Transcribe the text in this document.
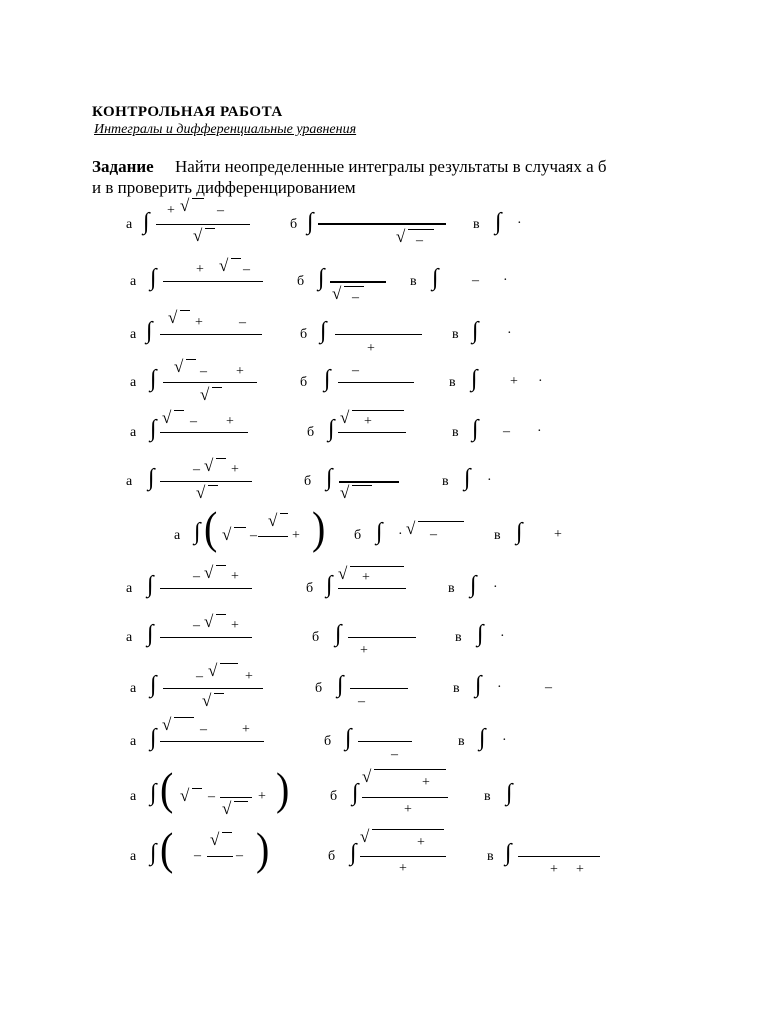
КОНТРОЛЬНАЯ РАБОТА
Интегралы и дифференциальные уравнения
Задание Найти неопределенные интегралы результаты в случаях а б
и в проверить дифференцированием
а ∫ + √ –
√
б ∫
√ –
в ∫ ·
а ∫	+ √ –
б ∫
√ –
в ∫ – ·
а ∫
√ +	–
б ∫
+
в ∫ ·
а ∫ √ – +
√
б ∫ –
в ∫ + ·
а ∫ √ – +
б ∫ √ +
в ∫ – ·
а ∫	– √ +
√
б ∫
√
в ∫ ·
а ∫ ( √ –
√
+ ) б ∫ · √ –	в ∫ +
а ∫	– √ +
б ∫ √ +
в ∫ ·
а ∫	– √ +
б ∫
+
в ∫ ·
а ∫	– √ +
√
б ∫
–
в ∫ ·	–
а ∫
√ –	+
б ∫
–
в ∫ ·
а ∫ ( √ –
√
+ )	б ∫
√	+
+
в ∫
а ∫ ( –
√
– )	б ∫
√	+
+
в ∫
+ +
